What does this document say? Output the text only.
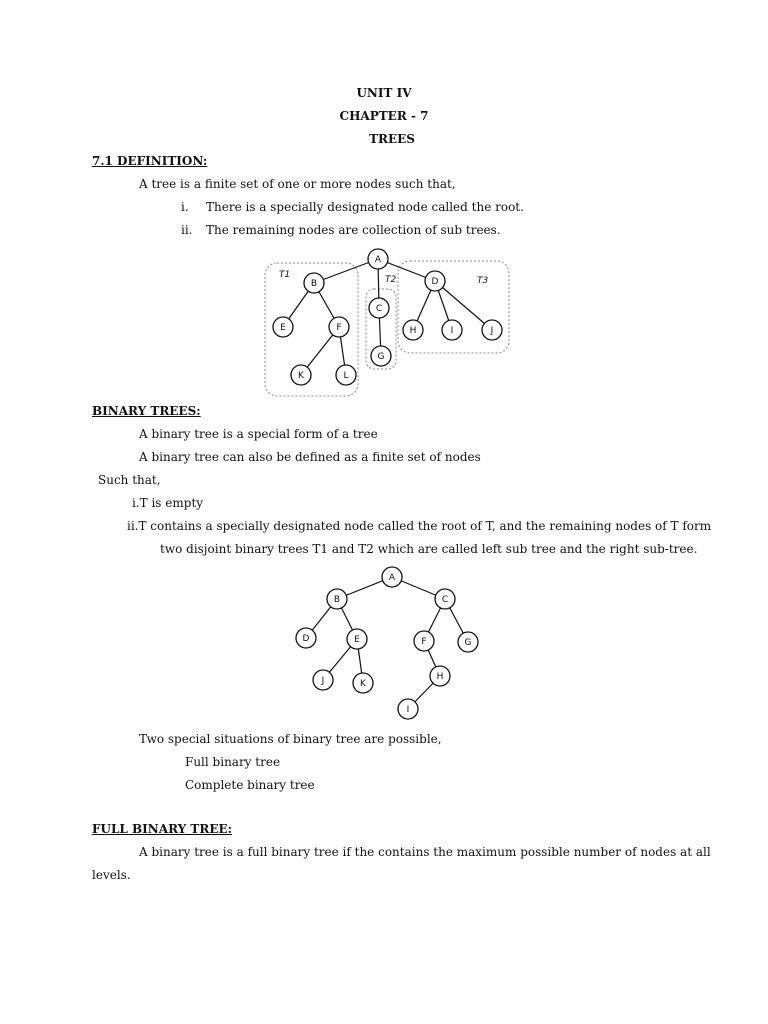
UNIT IV
CHAPTER - 7
TREES
7.1 DEFINITION:
A tree is a finite set of one or more nodes such that,
i. There is a specially designated node called the root.
ii. The remaining nodes are collection of sub trees.
A
B
C
D
E	F
G
H	I	J
K	L
T1	T2	T3
BINARY TREES:
A binary tree is a special form of a tree
A binary tree can also be defined as a finite set of nodes
Such that,
i.T is empty
ii.T contains a specially designated node called the root of T, and the remaining nodes of T form
two disjoint binary trees T1 and T2 which are called left sub tree and the right sub-tree.
A
B	C
D	E	F	G
H
I
J	K
Two special situations of binary tree are possible,
Full binary tree
Complete binary tree
FULL BINARY TREE:
A binary tree is a full binary tree if the contains the maximum possible number of nodes at all
levels.
